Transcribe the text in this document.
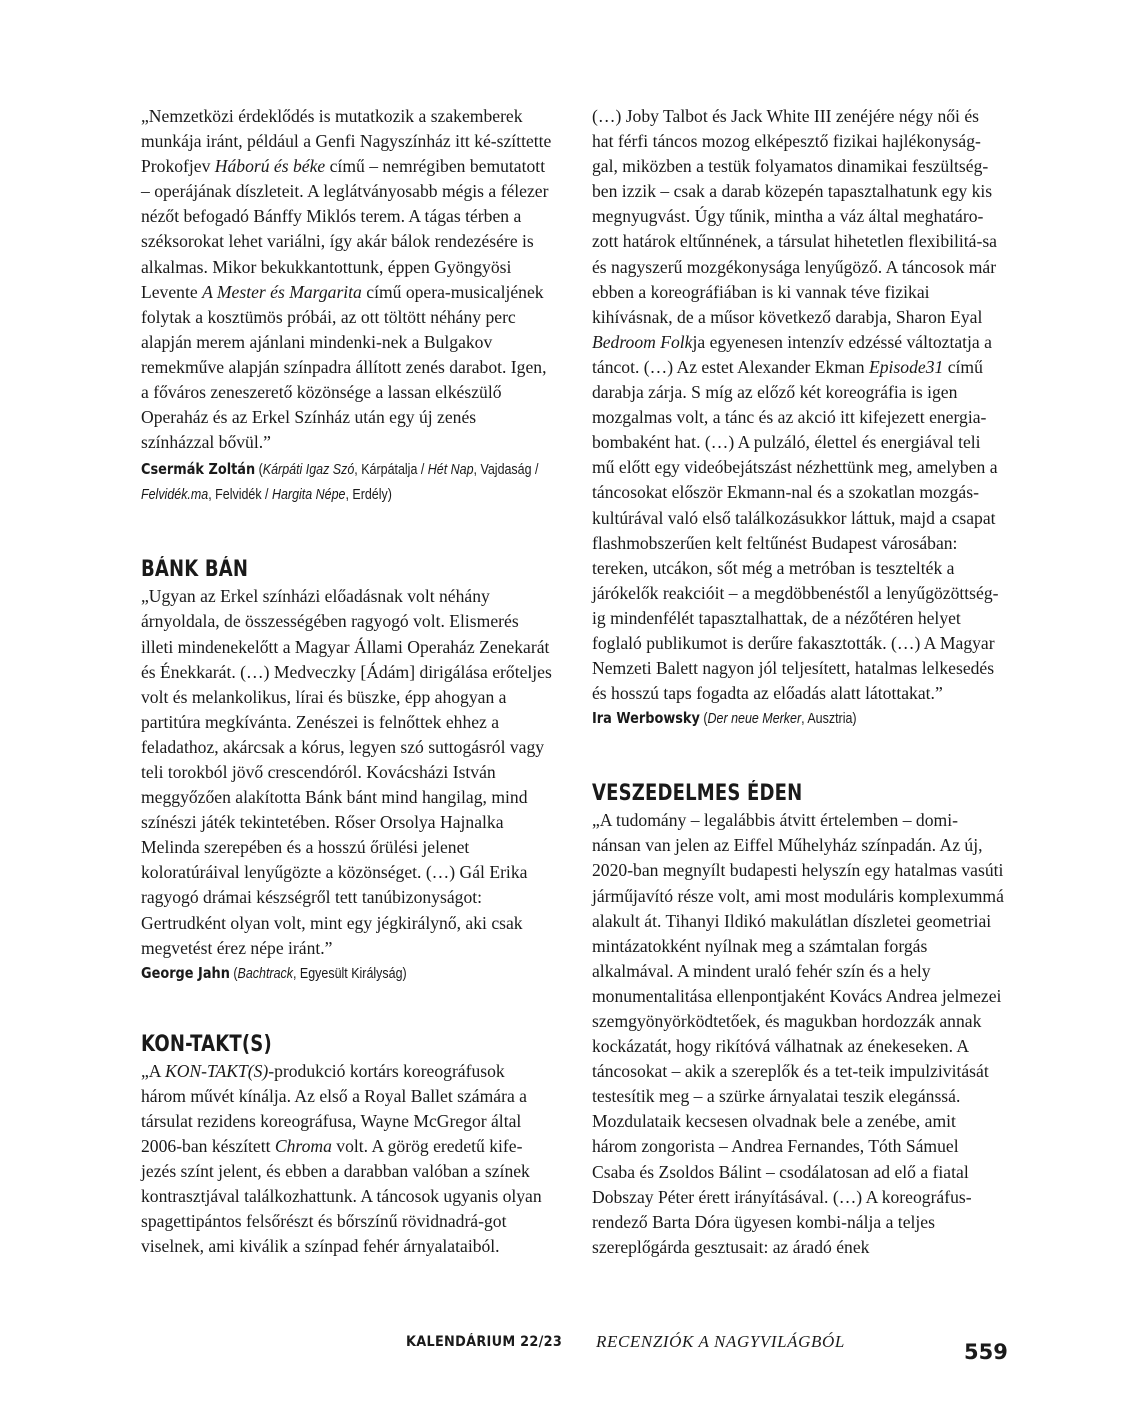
„Nemzetközi érdeklődés is mutatkozik a szakemberek munkája iránt, például a Genfi Nagyszínház itt ké-szíttette Prokofjev Háború és béke című – nemrégiben bemutatott – operájának díszleteit. A leglátványosabb mégis a félezer nézőt befogadó Bánffy Miklós terem. A tágas térben a széksorokat lehet variálni, így akár bálok rendezésére is alkalmas. Mikor bekukkantottunk, éppen Gyöngyösi Levente A Mester és Margarita című opera-musicaljének folytak a kosztümös próbái, az ott töltött néhány perc alapján merem ajánlani mindenki-nek a Bulgakov remekműve alapján színpadra állított zenés darabot. Igen, a főváros zeneszerető közönsége a lassan elkészülő Operaház és az Erkel Színház után egy új zenés színházzal bővül.”

Csermák Zoltán (Kárpáti Igaz Szó, Kárpátalja / Hét Nap, Vajdaság / Felvidék.ma, Felvidék / Hargita Népe, Erdély)

BÁNK BÁN

„Ugyan az Erkel színházi előadásnak volt néhány árnyoldala, de összességében ragyogó volt. Elismerés illeti mindenekelőtt a Magyar Állami Operaház Zenekarát és Énekkarát. (…) Medveczky [Ádám] dirigálása erőteljes volt és melankolikus, lírai és büszke, épp ahogyan a partitúra megkívánta. Zenészei is felnőttek ehhez a feladathoz, akárcsak a kórus, legyen szó suttogásról vagy teli torokból jövő crescendóról. Kovácsházi István meggyőzően alakította Bánk bánt mind hangilag, mind színészi játék tekintetében. Rőser Orsolya Hajnalka Melinda szerepében és a hosszú őrülési jelenet koloratúráival lenyűgözte a közönséget. (…) Gál Erika ragyogó drámai készségről tett tanúbizonyságot: Gertrudként olyan volt, mint egy jégkirálynő, aki csak megvetést érez népe iránt.”

George Jahn (Bachtrack, Egyesült Királyság)

KON-TAKT(S)

„A KON-TAKT(S)-produkció kortárs koreográfusok három művét kínálja. Az első a Royal Ballet számára a társulat rezidens koreográfusa, Wayne McGregor által 2006-ban készített Chroma volt. A görög eredetű kife-jezés színt jelent, és ebben a darabban valóban a színek kontrasztjával találkozhattunk. A táncosok ugyanis olyan spagettipántos felsőrészt és bőrszínű rövidnadrá-got viselnek, ami kiválik a színpad fehér árnyalataiból.

(…) Joby Talbot és Jack White III zenéjére négy női és hat férfi táncos mozog elképesztő fizikai hajlékonyság-gal, miközben a testük folyamatos dinamikai feszültség-ben izzik – csak a darab közepén tapasztalhatunk egy kis megnyugvást. Úgy tűnik, mintha a váz által meghatáro-zott határok eltűnnének, a társulat hihetetlen flexibilitá-sa és nagyszerű mozgékonysága lenyűgöző. A táncosok már ebben a koreográfiában is ki vannak téve fizikai kihívásnak, de a műsor következő darabja, Sharon Eyal Bedroom Folkja egyenesen intenzív edzéssé változtatja a táncot. (…) Az estet Alexander Ekman Episode31 című darabja zárja. S míg az előző két koreográfia is igen mozgalmas volt, a tánc és az akció itt kifejezett energia-bombaként hat. (…) A pulzáló, élettel és energiával teli mű előtt egy videóbejátszást nézhettünk meg, amelyben a táncosokat először Ekmann-nal és a szokatlan mozgás-kultúrával való első találkozásukkor láttuk, majd a csapat flashmobszerűen kelt feltűnést Budapest városában: tereken, utcákon, sőt még a metróban is tesztelték a járókelők reakcióit – a megdöbbenéstől a lenyűgözöttség-ig mindenfélét tapasztalhattak, de a nézőtéren helyet foglaló publikumot is derűre fakasztották. (…) A Magyar Nemzeti Balett nagyon jól teljesített, hatalmas lelkesedés és hosszú taps fogadta az előadás alatt látottakat.”

Ira Werbowsky (Der neue Merker, Ausztria)

VESZEDELMES ÉDEN

„A tudomány – legalábbis átvitt értelemben – domi-nánsan van jelen az Eiffel Műhelyház színpadán. Az új, 2020-ban megnyílt budapesti helyszín egy hatalmas vasúti járműjavító része volt, ami most moduláris komplexummá alakult át. Tihanyi Ildikó makulátlan díszletei geometriai mintázatokként nyílnak meg a számtalan forgás alkalmával. A mindent uraló fehér szín és a hely monumentalitása ellenpontjaként Kovács Andrea jelmezei szemgyönyörködtetőek, és magukban hordozzák annak kockázatát, hogy rikítóvá válhatnak az énekeseken. A táncosokat – akik a szereplők és a tet-teik impulzivitását testesítik meg – a szürke árnyalatai teszik elegánssá. Mozdulataik kecsesen olvadnak bele a zenébe, amit három zongorista – Andrea Fernandes, Tóth Sámuel Csaba és Zsoldos Bálint – csodálatosan ad elő a fiatal Dobszay Péter érett irányításával. (…) A koreográfus-rendező Barta Dóra ügyesen kombi-nálja a teljes szereplőgárda gesztusait: az áradó ének

KALENDÁRIUM 22/23 RECENZIÓK A NAGYVILÁGBÓL	559
